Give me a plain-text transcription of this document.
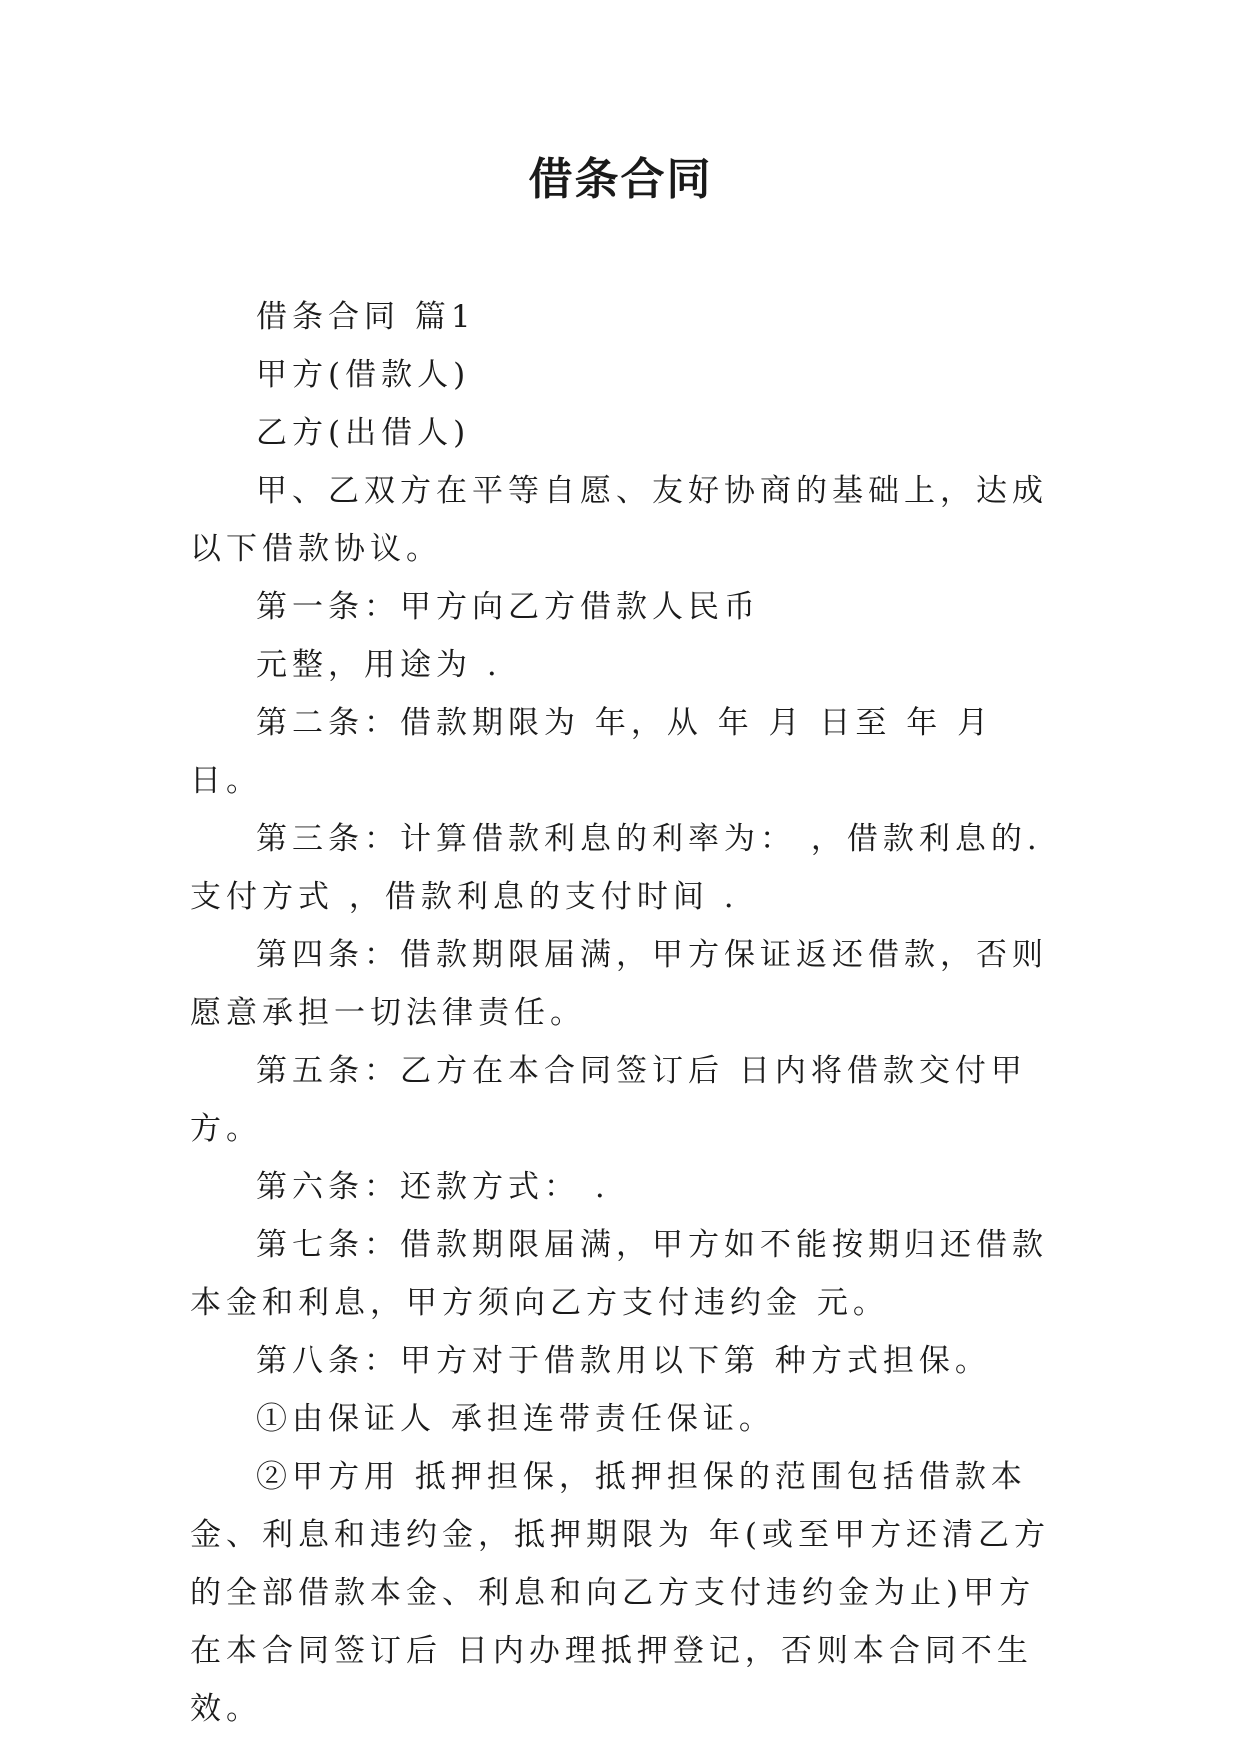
借条合同

借条合同 篇1

甲方(借款人)

乙方(出借人)

甲、乙双方在平等自愿、友好协商的基础上，达成以下借款协议。

第一条：甲方向乙方借款人民币

元整，用途为 .

第二条：借款期限为 年，从 年 月 日至 年 月 日。

第三条：计算借款利息的利率为： ，借款利息的.支付方式 ，借款利息的支付时间 .

第四条：借款期限届满，甲方保证返还借款，否则愿意承担一切法律责任。

第五条：乙方在本合同签订后 日内将借款交付甲方。

第六条：还款方式： .

第七条：借款期限届满，甲方如不能按期归还借款本金和利息，甲方须向乙方支付违约金 元。

第八条：甲方对于借款用以下第 种方式担保。

①由保证人 承担连带责任保证。

②甲方用 抵押担保，抵押担保的范围包括借款本金、利息和违约金，抵押期限为 年(或至甲方还清乙方的全部借款本金、利息和向乙方支付违约金为止)甲方在本合同签订后 日内办理抵押登记，否则本合同不生效。
